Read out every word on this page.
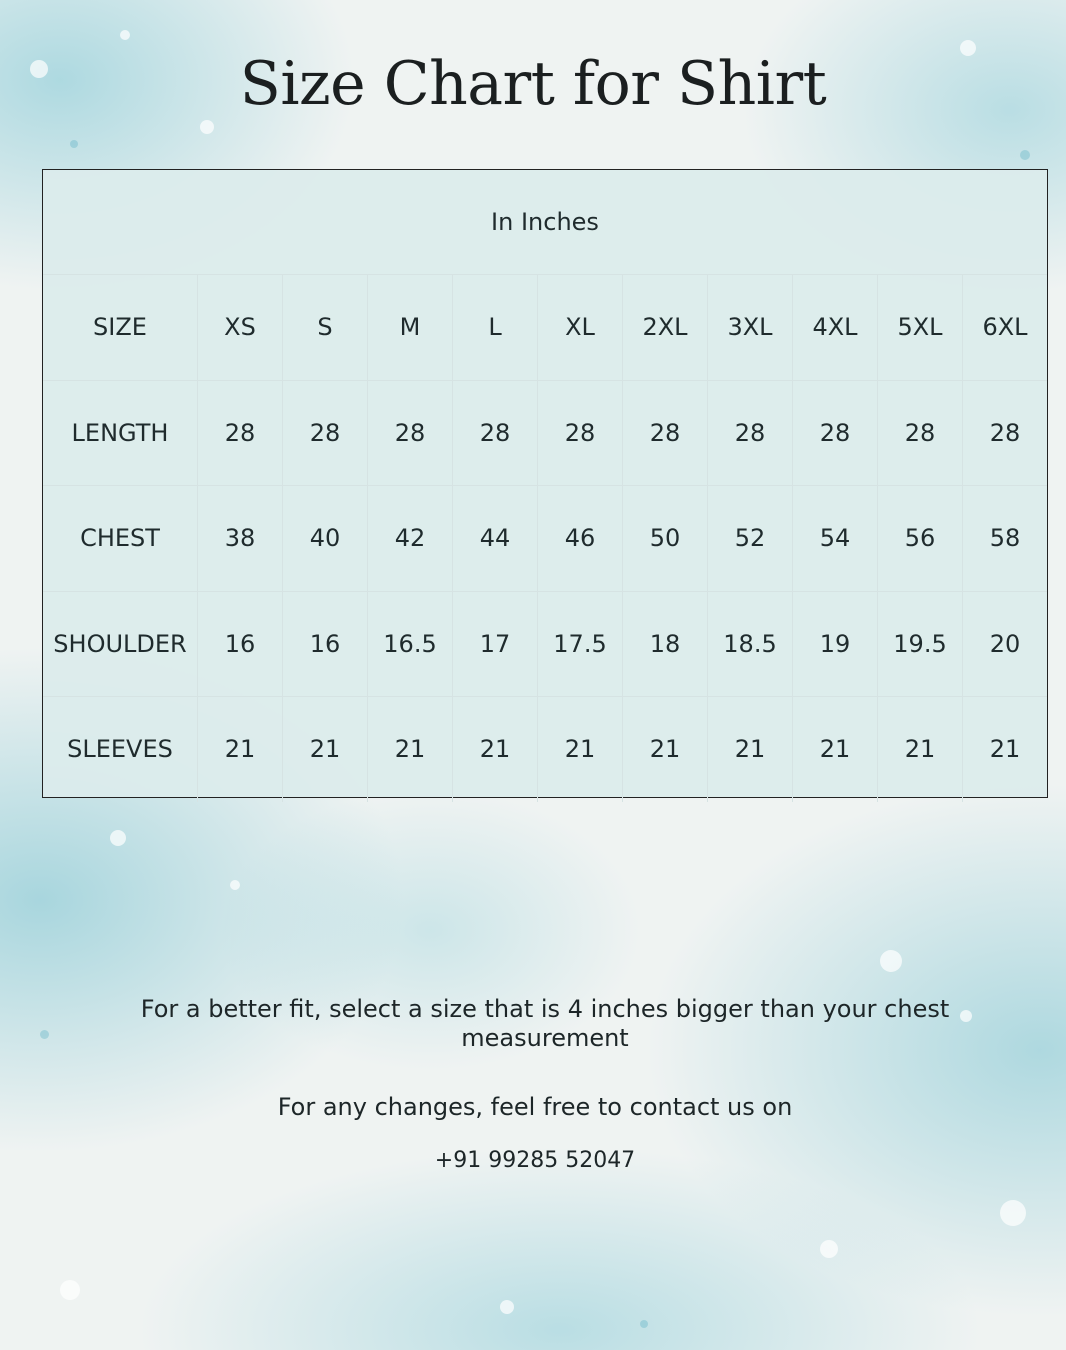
Size Chart for Shirt
In Inches
SIZE	XS	S	M	L	XL	2XL	3XL	4XL	5XL	6XL
LENGTH	28	28	28	28	28	28	28	28	28	28
CHEST	38	40	42	44	46	50	52	54	56	58
SHOULDER	16	16	16.5	17	17.5	18	18.5	19	19.5	20
SLEEVES	21	21	21	21	21	21	21	21	21	21
For a better fit, select a size that is 4 inches bigger than your chest measurement
For any changes, feel free to contact us on
+91 99285 52047
